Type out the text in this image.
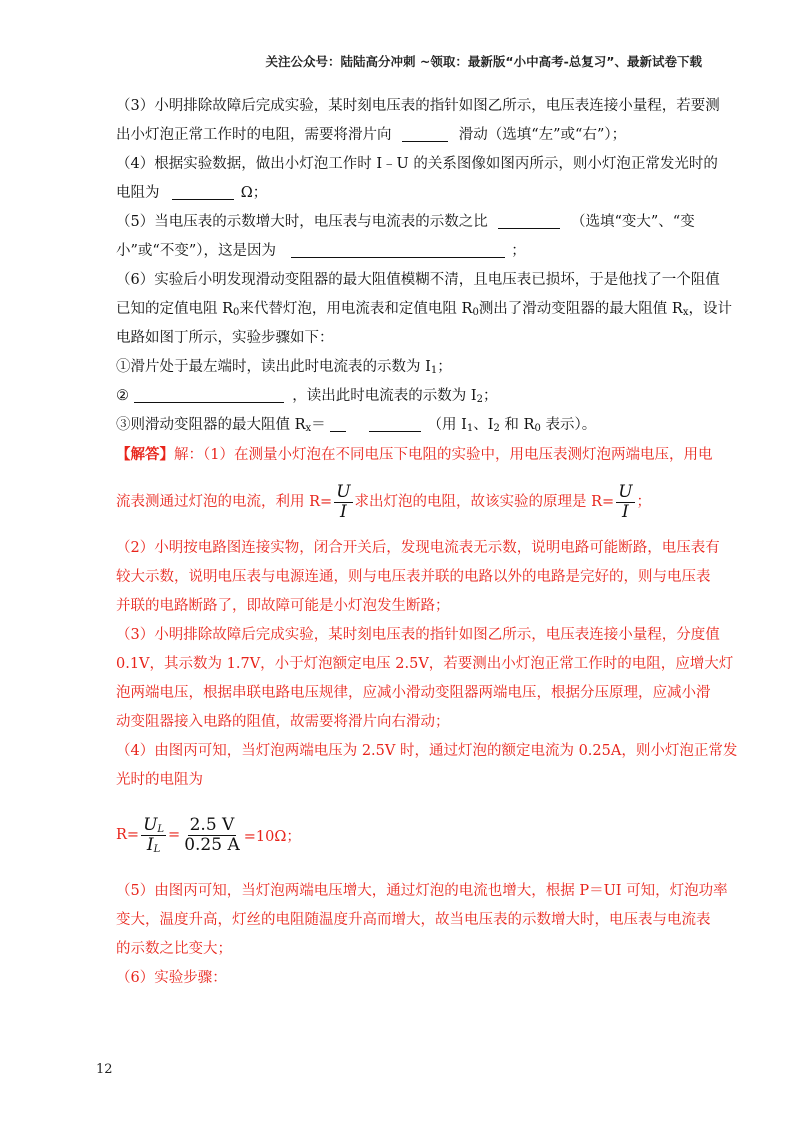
关注公众号：陆陆高分冲刺 ~领取：最新版“小中高考-总复习”、最新试卷下载
（3）小明排除故障后完成实验，某时刻电压表的指针如图乙所示，电压表连接小量程，若要测
出小灯泡正常工作时的电阻，需要将滑片向	滑动（选填“左”或“右”）；
（4）根据实验数据，做出小灯泡工作时 I﹣U 的关系图像如图丙所示，则小灯泡正常发光时的
电阻为	Ω；
（5）当电压表的示数增大时，电压表与电流表的示数之比	（选填“变大”、“变
小”或“不变”），这是因为	；
（6）实验后小明发现滑动变阻器的最大阻值模糊不清，且电压表已损坏，于是他找了一个阻值
已知的定值电阻 $R_0$来代替灯泡，用电流表和定值电阻 $R_0$测出了滑动变阻器的最大阻值 $R_x$，设计
电路如图丁所示，实验步骤如下：
①滑片处于最左端时，读出此时电流表的示数为 $I_1$；
②	，读出此时电流表的示数为 $I_2$；
③则滑动变阻器的最大阻值 $R_x=$	（用 $I_1$、$I_2$ 和 $R_0$ 表示）。
【解答】解：（1）在测量小灯泡在不同电压下电阻的实验中，用电压表测灯泡两端电压，用电
流表测通过灯泡的电流，利用 $R= \frac{U}{I}$ 求出灯泡的电阻，故该实验的原理是 $R= \frac{U}{I}$ ；
（2）小明按电路图连接实物，闭合开关后，发现电流表无示数，说明电路可能断路，电压表有
较大示数，说明电压表与电源连通，则与电压表并联的电路以外的电路是完好的，则与电压表
并联的电路断路了，即故障可能是小灯泡发生断路；
（3）小明排除故障后完成实验，某时刻电压表的指针如图乙所示，电压表连接小量程，分度值
0.1V，其示数为 1.7V，小于灯泡额定电压 2.5V，若要测出小灯泡正常工作时的电阻，应增大灯
泡两端电压，根据串联电路电压规律，应减小滑动变阻器两端电压，根据分压原理，应减小滑
动变阻器接入电路的阻值，故需要将滑片向右滑动；
（4）由图丙可知，当灯泡两端电压为 2.5V 时，通过灯泡的额定电流为 0.25A，则小灯泡正常发
光时的电阻为
$R= \frac{U_L}{I_L} = \frac{2.5 V}{0.25 A} =10\Omega$；
（5）由图丙可知，当灯泡两端电压增大，通过灯泡的电流也增大，根据 P＝UI 可知，灯泡功率
变大，温度升高，灯丝的电阻随温度升高而增大，故当电压表的示数增大时，电压表与电流表
的示数之比变大；
（6）实验步骤：
12
